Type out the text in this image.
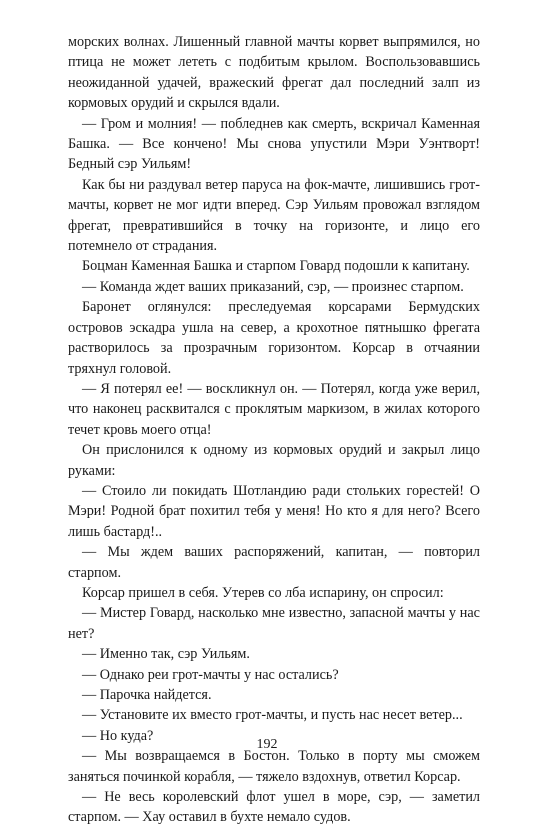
морских волнах. Лишенный главной мачты корвет выпрямился, но птица не может лететь с подбитым крылом. Воспользовавшись неожиданной удачей, вражеский фрегат дал последний залп из кормовых орудий и скрылся вдали.

— Гром и молния! — побледнев как смерть, вскричал Каменная Башка. — Все кончено! Мы снова упустили Мэри Уэнтворт! Бедный сэр Уильям!

Как бы ни раздувал ветер паруса на фок-мачте, лишившись грот-мачты, корвет не мог идти вперед. Сэр Уильям провожал взглядом фрегат, превратившийся в точку на горизонте, и лицо его потемнело от страдания.

Боцман Каменная Башка и старпом Говард подошли к капитану.

— Команда ждет ваших приказаний, сэр, — произнес старпом.

Баронет оглянулся: преследуемая корсарами Бермудских островов эскадра ушла на север, а крохотное пятнышко фрегата растворилось за прозрачным горизонтом. Корсар в отчаянии тряхнул головой.

— Я потерял ее! — воскликнул он. — Потерял, когда уже верил, что наконец расквитался с проклятым маркизом, в жилах которого течет кровь моего отца!

Он прислонился к одному из кормовых орудий и закрыл лицо руками:

— Стоило ли покидать Шотландию ради стольких горестей! О Мэри! Родной брат похитил тебя у меня! Но кто я для него? Всего лишь бастард!..

— Мы ждем ваших распоряжений, капитан, — повторил старпом.

Корсар пришел в себя. Утерев со лба испарину, он спросил:

— Мистер Говард, насколько мне известно, запасной мачты у нас нет?

— Именно так, сэр Уильям.

— Однако реи грот-мачты у нас остались?

— Парочка найдется.

— Установите их вместо грот-мачты, и пусть нас несет ветер...

— Но куда?

— Мы возвращаемся в Бостон. Только в порту мы сможем заняться починкой корабля, — тяжело вздохнув, ответил Корсар.

— Не весь королевский флот ушел в море, сэр, — заметил старпом. — Хау оставил в бухте немало судов.

192
